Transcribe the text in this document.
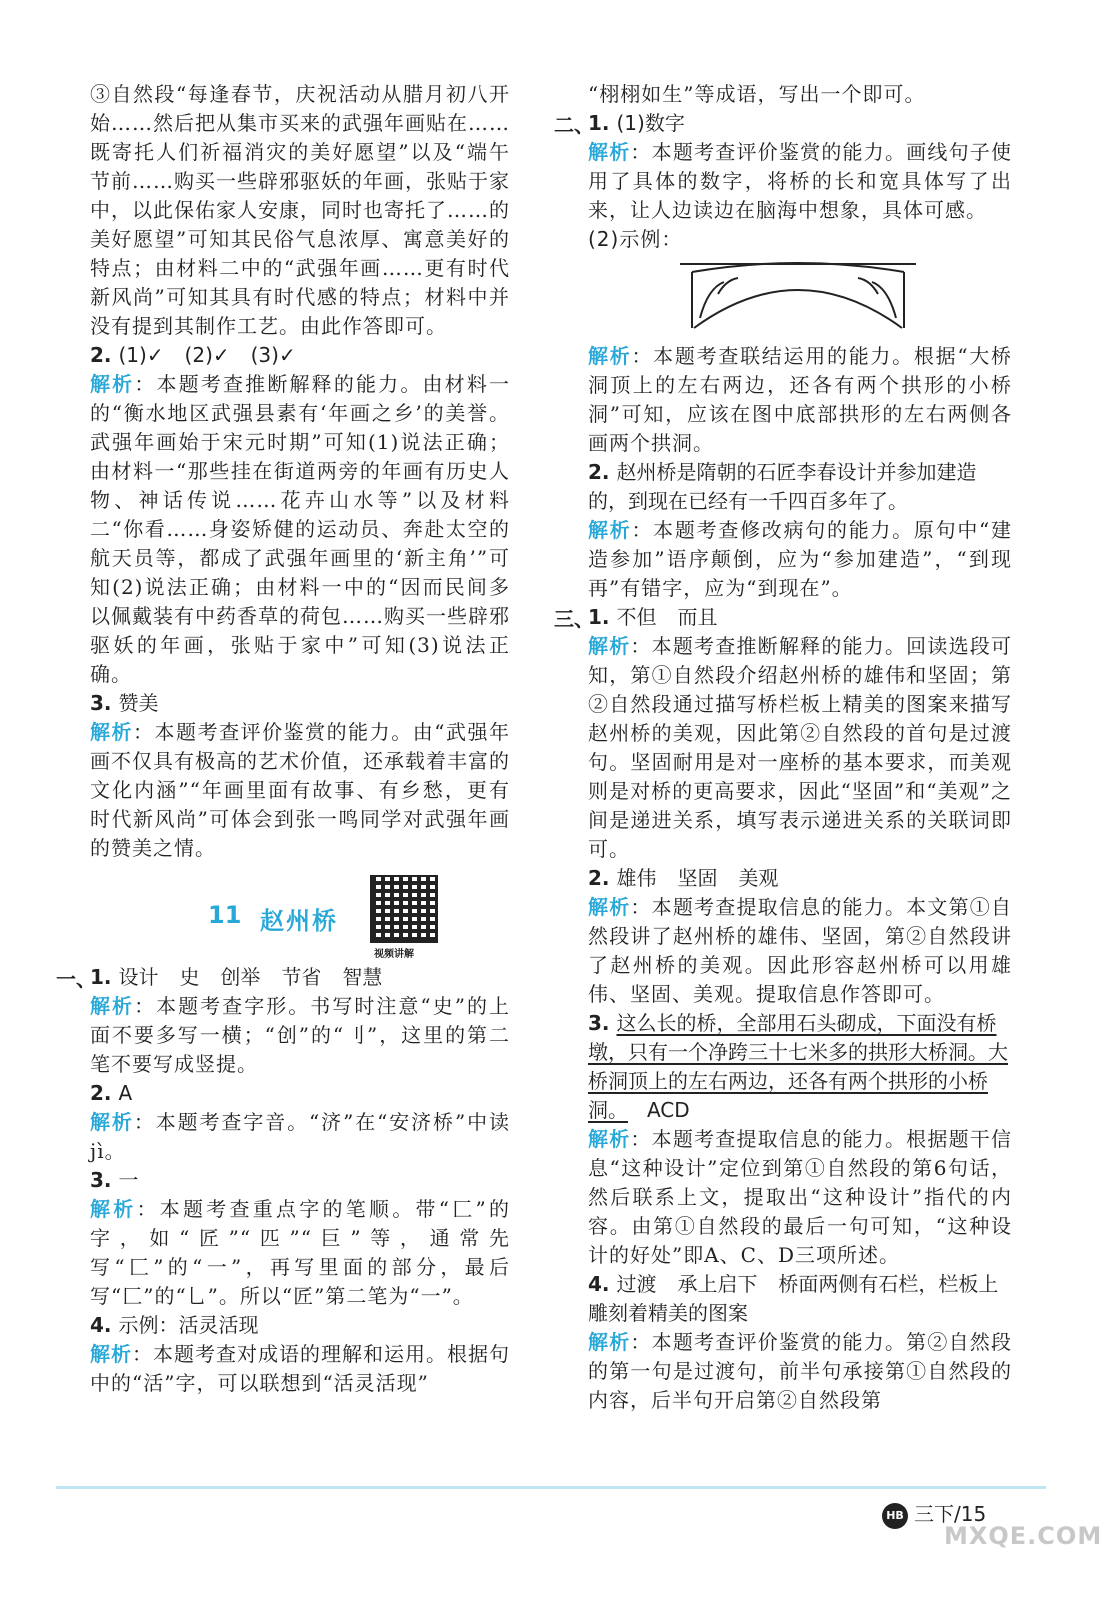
③自然段“每逢春节，庆祝活动从腊月初八开始……然后把从集市买来的武强年画贴在……既寄托人们祈福消灾的美好愿望”以及“端午节前……购买一些辟邪驱妖的年画，张贴于家中，以此保佑家人安康，同时也寄托了……的美好愿望”可知其民俗气息浓厚、寓意美好的特点；由材料二中的“武强年画……更有时代新风尚”可知其具有时代感的特点；材料中并没有提到其制作工艺。由此作答即可。
2. (1)✓ (2)✓ (3)✓
解析：本题考查推断解释的能力。由材料一的“衡水地区武强县素有‘年画之乡’的美誉。武强年画始于宋元时期”可知(1)说法正确；由材料一“那些挂在街道两旁的年画有历史人物、神话传说……花卉山水等”以及材料二“你看……身姿矫健的运动员、奔赴太空的航天员等，都成了武强年画里的‘新主角’”可知(2)说法正确；由材料一中的“因而民间多以佩戴装有中药香草的荷包……购买一些辟邪驱妖的年画，张贴于家中”可知(3)说法正确。
3. 赞美
解析：本题考查评价鉴赏的能力。由“武强年画不仅具有极高的艺术价值，还承载着丰富的文化内涵”“年画里面有故事、有乡愁，更有时代新风尚”可体会到张一鸣同学对武强年画的赞美之情。
11 赵州桥
视频讲解
一、
1. 设计 史 创举 节省 智慧
解析：本题考查字形。书写时注意“史”的上面不要多写一横；“创”的“刂”，这里的第二笔不要写成竖提。
2. A
解析：本题考查字音。“济”在“安济桥”中读 jì。
3. 一
解析：本题考查重点字的笔顺。带“匚”的字，如“匠”“匹”“巨”等，通常先写“匚”的“一”，再写里面的部分，最后写“匚”的“乚”。所以“匠”第二笔为“一”。
4. 示例：活灵活现
解析：本题考查对成语的理解和运用。根据句中的“活”字，可以联想到“活灵活现”
“栩栩如生”等成语，写出一个即可。
二、
1. (1)数字
解析：本题考查评价鉴赏的能力。画线句子使用了具体的数字，将桥的长和宽具体写了出来，让人边读边在脑海中想象，具体可感。
(2)示例：
解析：本题考查联结运用的能力。根据“大桥洞顶上的左右两边，还各有两个拱形的小桥洞”可知，应该在图中底部拱形的左右两侧各画两个拱洞。
2. 赵州桥是隋朝的石匠李春设计并参加建造的，到现在已经有一千四百多年了。
解析：本题考查修改病句的能力。原句中“建造参加”语序颠倒，应为“参加建造”，“到现再”有错字，应为“到现在”。
三、
1. 不但 而且
解析：本题考查推断解释的能力。回读选段可知，第①自然段介绍赵州桥的雄伟和坚固；第②自然段通过描写桥栏板上精美的图案来描写赵州桥的美观，因此第②自然段的首句是过渡句。坚固耐用是对一座桥的基本要求，而美观则是对桥的更高要求，因此“坚固”和“美观”之间是递进关系，填写表示递进关系的关联词即可。
2. 雄伟 坚固 美观
解析：本题考查提取信息的能力。本文第①自然段讲了赵州桥的雄伟、坚固，第②自然段讲了赵州桥的美观。因此形容赵州桥可以用雄伟、坚固、美观。提取信息作答即可。
3. 这么长的桥，全部用石头砌成，下面没有桥墩，只有一个净跨三十七米多的拱形大桥洞。大桥洞顶上的左右两边，还各有两个拱形的小桥洞。 ACD
解析：本题考查提取信息的能力。根据题干信息“这种设计”定位到第①自然段的第6句话，然后联系上文，提取出“这种设计”指代的内容。由第①自然段的最后一句可知，“这种设计的好处”即A、C、D三项所述。
4. 过渡 承上启下 桥面两侧有石栏，栏板上雕刻着精美的图案
解析：本题考查评价鉴赏的能力。第②自然段的第一句是过渡句，前半句承接第①自然段的内容，后半句开启第②自然段第
HB 三下/15
MXQE.COM
